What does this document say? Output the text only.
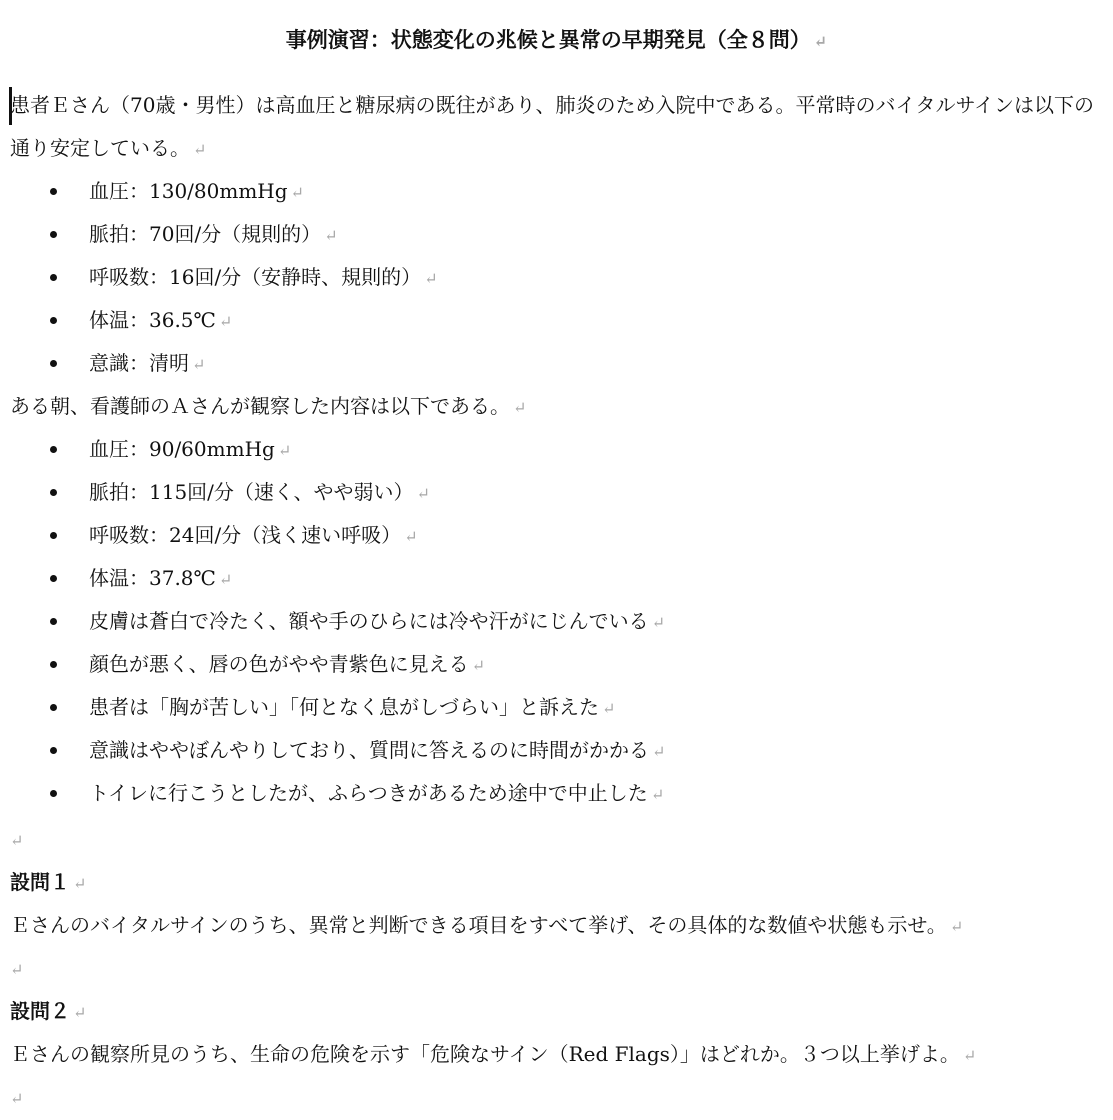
事例演習：状態変化の兆候と異常の早期発見（全８問） ↵
患者Ｅさん（70歳・男性）は高血圧と糖尿病の既往があり、肺炎のため入院中である。平常時のバイタルサインは以下の通り安定している。 ↵
血圧：130/80mmHg ↵
脈拍：70回/分（規則的） ↵
呼吸数：16回/分（安静時、規則的） ↵
体温：36.5℃ ↵
意識：清明 ↵
ある朝、看護師のＡさんが観察した内容は以下である。 ↵
血圧：90/60mmHg ↵
脈拍：115回/分（速く、やや弱い） ↵
呼吸数：24回/分（浅く速い呼吸） ↵
体温：37.8℃ ↵
皮膚は蒼白で冷たく、額や手のひらには冷や汗がにじんでいる ↵
顔色が悪く、唇の色がやや青紫色に見える ↵
患者は「胸が苦しい」「何となく息がしづらい」と訴えた ↵
意識はややぼんやりしており、質問に答えるのに時間がかかる ↵
トイレに行こうとしたが、ふらつきがあるため途中で中止した ↵
↵
設問１ ↵
Ｅさんのバイタルサインのうち、異常と判断できる項目をすべて挙げ、その具体的な数値や状態も示せ。 ↵
↵
設問２ ↵
Ｅさんの観察所見のうち、生命の危険を示す「危険なサイン（Red Flags）」はどれか。３つ以上挙げよ。 ↵
↵
